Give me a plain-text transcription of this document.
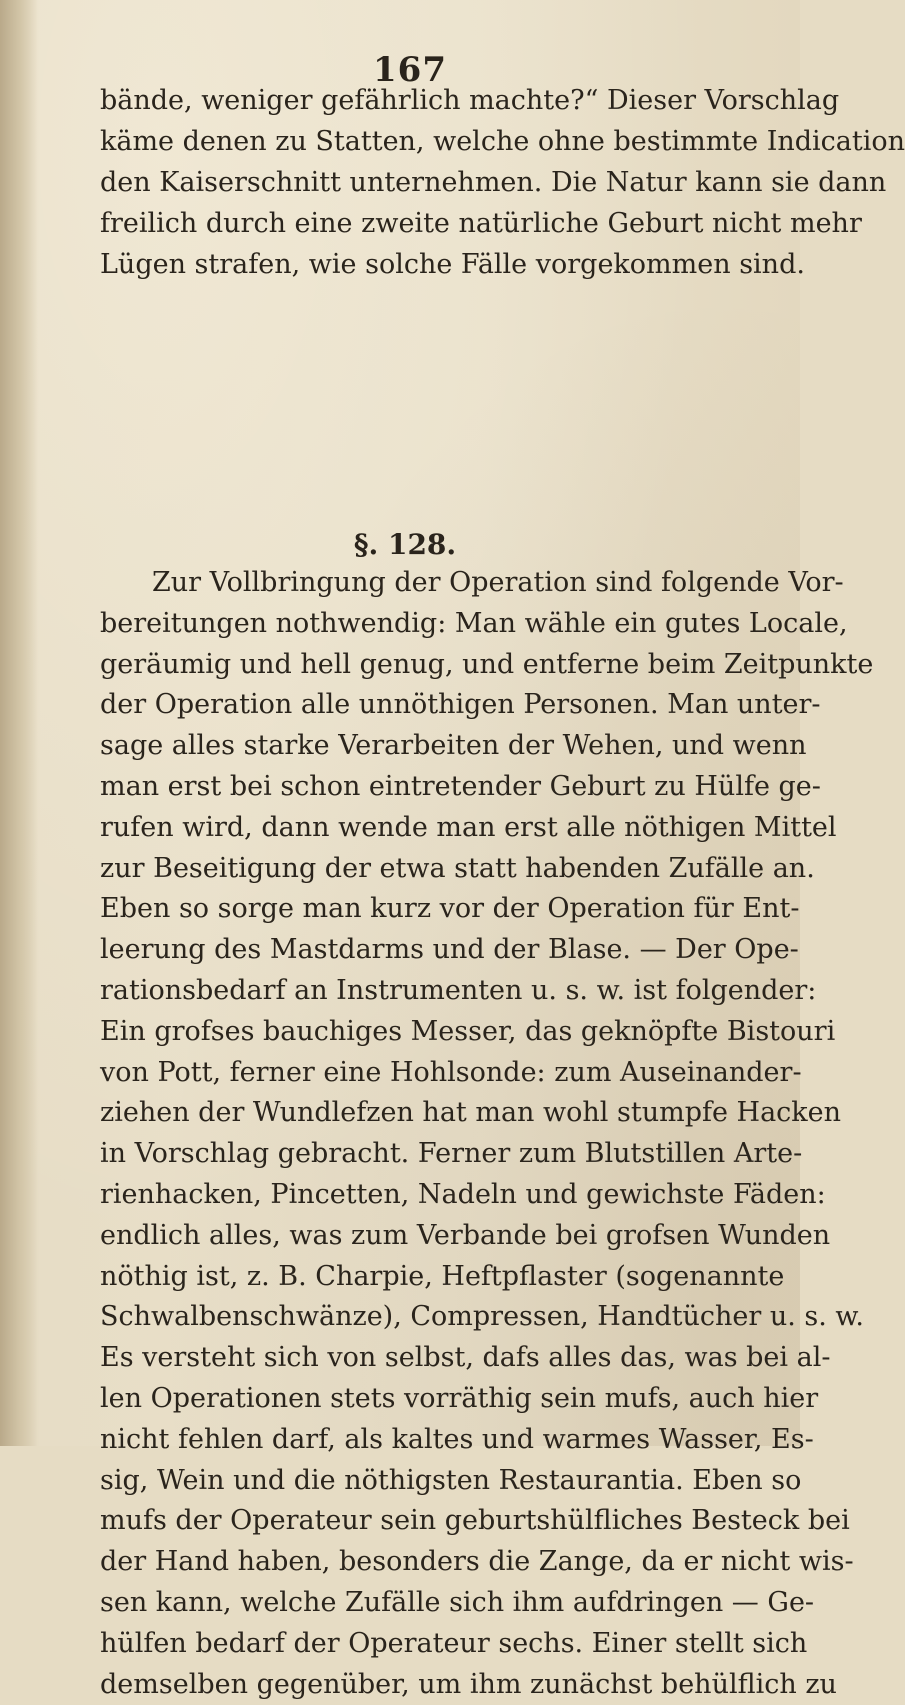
167
bände, weniger gefährlich machte?“ Dieser Vorschlag
käme denen zu Statten, welche ohne bestimmte Indication
den Kaiserschnitt unternehmen. Die Natur kann sie dann
freilich durch eine zweite natürliche Geburt nicht mehr
Lügen strafen, wie solche Fälle vorgekommen sind.
§. 128.
Zur Vollbringung der Operation sind folgende Vor-
bereitungen nothwendig: Man wähle ein gutes Locale,
geräumig und hell genug, und entferne beim Zeitpunkte
der Operation alle unnöthigen Personen. Man unter-
sage alles starke Verarbeiten der Wehen, und wenn
man erst bei schon eintretender Geburt zu Hülfe ge-
rufen wird, dann wende man erst alle nöthigen Mittel
zur Beseitigung der etwa statt habenden Zufälle an.
Eben so sorge man kurz vor der Operation für Ent-
leerung des Mastdarms und der Blase. — Der Ope-
rationsbedarf an Instrumenten u. s. w. ist folgender:
Ein grofses bauchiges Messer, das geknöpfte Bistouri
von Pott, ferner eine Hohlsonde: zum Auseinander-
ziehen der Wundlefzen hat man wohl stumpfe Hacken
in Vorschlag gebracht. Ferner zum Blutstillen Arte-
rienhacken, Pincetten, Nadeln und gewichste Fäden:
endlich alles, was zum Verbande bei grofsen Wunden
nöthig ist, z. B. Charpie, Heftpflaster (sogenannte
Schwalbenschwänze), Compressen, Handtücher u. s. w.
Es versteht sich von selbst, dafs alles das, was bei al-
len Operationen stets vorräthig sein mufs, auch hier
nicht fehlen darf, als kaltes und warmes Wasser, Es-
sig, Wein und die nöthigsten Restaurantia. Eben so
mufs der Operateur sein geburtshülfliches Besteck bei
der Hand haben, besonders die Zange, da er nicht wis-
sen kann, welche Zufälle sich ihm aufdringen — Ge-
hülfen bedarf der Operateur sechs. Einer stellt sich
demselben gegenüber, um ihm zunächst behülflich zu
